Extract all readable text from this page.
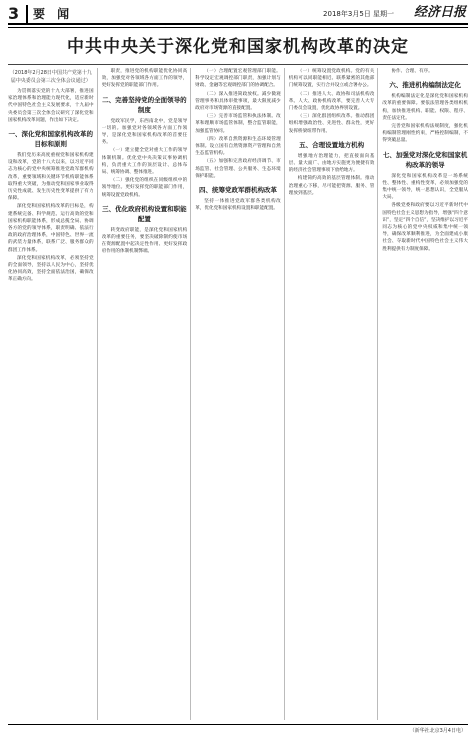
3	要 闻	2018年3月5日 星期一 经济日报
中共中央关于深化党和国家机构改革的决定
（2018年2月28日中国共产党第十九届中央委员会第三次全体会议通过）

为贯彻落实党的十九大部署，推进国家治理体系和治理能力现代化，适应新时代中国特色社会主义发展要求，十九届中央委员会第三次全体会议研究了深化党和国家机构改革问题，作出如下决定。

一、深化党和国家机构改革的目标和原则

我们党历来高度重视党和国家机构建设和改革，党的十八大以来，以习近平同志为核心的党中央统筹推进党政军群机构改革，重要领域和关键环节机构职能体系取得重大突破，为推动党和国家事业取得历史性成就、发生历史性变革提供了有力保障。

深化党和国家机构改革的目标是，构建系统完备、科学规范、运行高效的党和国家机构职能体系，形成总揽全局、协调各方的党的领导体系，职责明确、依法行政的政府治理体系，中国特色、世界一流的武装力量体系，联系广泛、服务群众的群团工作体系。

深化党和国家机构改革，必须坚持党的全面领导，坚持以人民为中心，坚持优化协同高效，坚持全面依法治国，确保改革正确方向。

职责，推进党的机构职能优化协同高效，加强党对各领域各方面工作的领导，更好发挥党的职能部门作用。

二、完善坚持党的全面领导的制度

党政军民学，东西南北中，党是领导一切的。加强党对各领域各方面工作领导，是深化党和国家机构改革的首要任务。

（一）建立健全党对重大工作的领导体制机制。优化党中央决策议事协调机构，负责重大工作的顶层设计、总体布局、统筹协调、整体推进。

（二）强化党的组织在同级组织中的领导地位。更好发挥党的职能部门作用，统筹设置党政机构。

三、优化政府机构设置和职能配置

转变政府职能，是深化党和国家机构改革的重要任务，要坚决破除制约使市场在资源配置中起决定性作用、更好发挥政府作用的体制机制弊端。

（一）合理配置宏观管理部门职能。科学设定宏观调控部门职责，加强计划与财政、金融等宏观调控部门的协调配合。

（二）深入推进简政放权。减少微观管理事务和具体审批事项，最大限度减少政府对市场资源的直接配置。

（三）完善市场监管和执法体制。改革和理顺市场监管体制，整合监管职能，加强监管协同。

（四）改革自然资源和生态环境管理体制。设立国有自然资源资产管理和自然生态监管机构。

（五）加强和完善政府经济调节、市场监管、社会管理、公共服务、生态环境保护职能。

四、统筹党政军群机构改革

坚持一体推进党政军群各类机构改革，优化党和国家机构设置和职能配置。

（一）统筹设置党政机构。党的有关机构可以同职能相近、联系紧密的其他部门统筹设置，实行合并设立或合署办公。

（二）推进人大、政协和司法机构改革。人大、政协机构改革，要完善人大专门委员会设置，优化政协界别设置。

（三）深化群团组织改革。推动群团组织增强政治性、先进性、群众性，更好发挥桥梁纽带作用。

五、合理设置地方机构

增强地方治理能力，把直接面向基层、量大面广、由地方实施更为便捷有效的经济社会管理事项下放给地方。

构建简约高效的基层管理体制。推动治理重心下移，尽可能把资源、服务、管理放到基层。

协作、合理、有序。

六、推进机构编制法定化

机构编制法定化是深化党和国家机构改革的重要保障。要依法管理各类组织机构，加快推进机构、职能、权限、程序、责任法定化。

完善党和国家机构法规制度，强化机构编制管理刚性约束，严格控制编制，不得突破总量。

七、加强党对深化党和国家机构改革的领导

深化党和国家机构改革是一场系统性、整体性、重构性变革，必须加强党的集中统一领导，统一思想认识，全党服从大局。

各级党委和政府要以习近平新时代中国特色社会主义思想为指导，增强“四个意识”，坚定“四个自信”，坚决维护以习近平同志为核心的党中央权威和集中统一领导，确保改革顺利推进，为全面建成小康社会、夺取新时代中国特色社会主义伟大胜利提供有力制度保障。

（新华社北京3月4日电）
